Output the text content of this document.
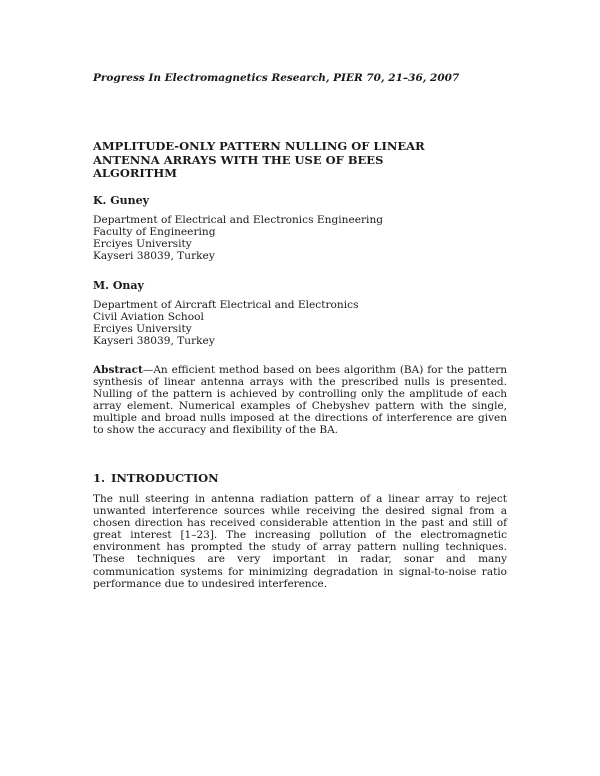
Progress In Electromagnetics Research, PIER 70, 21–36, 2007
AMPLITUDE-ONLY PATTERN NULLING OF LINEAR ANTENNA ARRAYS WITH THE USE OF BEES ALGORITHM
K. Guney
Department of Electrical and Electronics Engineering
Faculty of Engineering
Erciyes University
Kayseri 38039, Turkey
M. Onay
Department of Aircraft Electrical and Electronics
Civil Aviation School
Erciyes University
Kayseri 38039, Turkey

Abstract—An efficient method based on bees algorithm (BA) for the pattern synthesis of linear antenna arrays with the prescribed nulls is presented. Nulling of the pattern is achieved by controlling only the amplitude of each array element. Numerical examples of Chebyshev pattern with the single, multiple and broad nulls imposed at the directions of interference are given to show the accuracy and flexibility of the BA.

1. INTRODUCTION

The null steering in antenna radiation pattern of a linear array to reject unwanted interference sources while receiving the desired signal from a chosen direction has received considerable attention in the past and still of great interest [1–23]. The increasing pollution of the electromagnetic environment has prompted the study of array pattern nulling techniques. These techniques are very important in radar, sonar and many communication systems for minimizing degradation in signal-to-noise ratio performance due to undesired interference.
